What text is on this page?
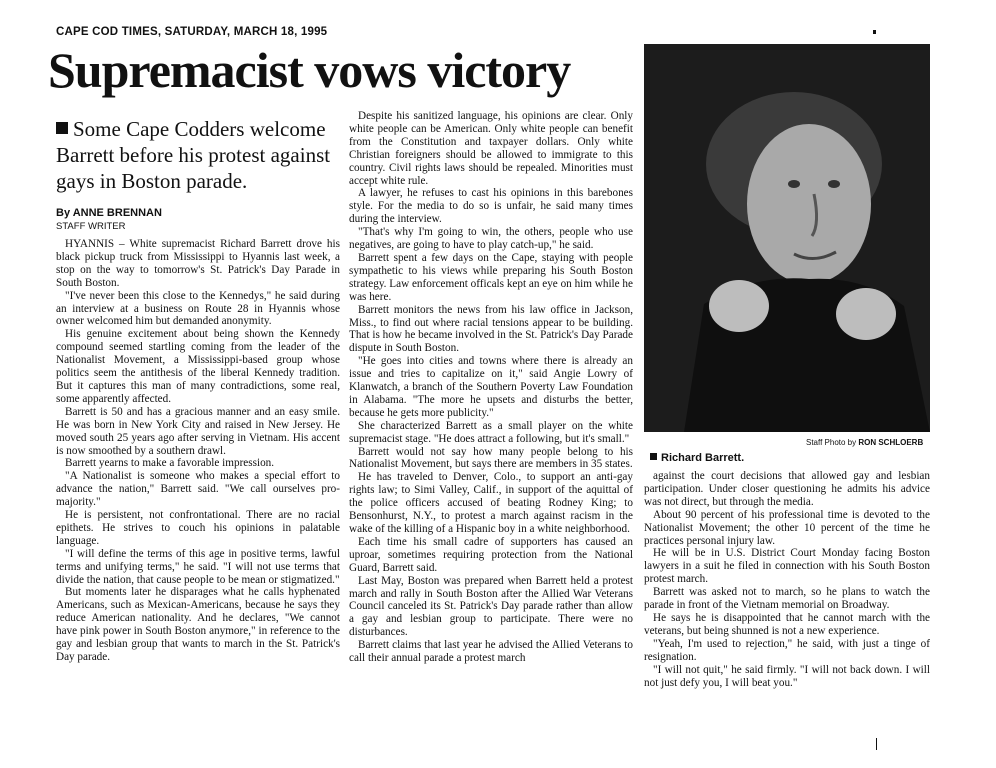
CAPE COD TIMES, SATURDAY, MARCH 18, 1995
Supremacist vows victory
Some Cape Codders welcome Barrett before his protest against gays in Boston parade.
By ANNE BRENNAN
STAFF WRITER

HYANNIS – White supremacist Richard Barrett drove his black pickup truck from Mississippi to Hyannis last week, a stop on the way to tomorrow's St. Patrick's Day Parade in South Boston.

"I've never been this close to the Kennedys," he said during an interview at a business on Route 28 in Hyannis whose owner welcomed him but demanded anonymity.

His genuine excitement about being shown the Kennedy compound seemed startling coming from the leader of the Nationalist Movement, a Mississippi-based group whose politics seem the antithesis of the liberal Kennedy tradition. But it captures this man of many contradictions, some real, some apparently affected.

Barrett is 50 and has a gracious manner and an easy smile. He was born in New York City and raised in New Jersey. He moved south 25 years ago after serving in Vietnam. His accent is now smoothed by a southern drawl.

Barrett yearns to make a favorable impression.

"A Nationalist is someone who makes a special effort to advance the nation," Barrett said. "We call ourselves pro-majority."

He is persistent, not confrontational. There are no racial epithets. He strives to couch his opinions in palatable language.

"I will define the terms of this age in positive terms, lawful terms and unifying terms," he said. "I will not use terms that divide the nation, that cause people to be mean or stigmatized."

But moments later he disparages what he calls hyphenated Americans, such as Mexican-Americans, because he says they reduce American nationality. And he declares, "We cannot have pink power in South Boston anymore," in reference to the gay and lesbian group that wants to march in the St. Patrick's Day parade.

Despite his sanitized language, his opinions are clear. Only white people can be American. Only white people can benefit from the Constitution and taxpayer dollars. Only white Christian foreigners should be allowed to immigrate to this country. Civil rights laws should be repealed. Minorities must accept white rule.

A lawyer, he refuses to cast his opinions in this barebones style. For the media to do so is unfair, he said many times during the interview.

"That's why I'm going to win, the others, people who use negatives, are going to have to play catch-up," he said.

Barrett spent a few days on the Cape, staying with people sympathetic to his views while preparing his South Boston strategy. Law enforcement officals kept an eye on him while he was here.

Barrett monitors the news from his law office in Jackson, Miss., to find out where racial tensions appear to be building. That is how he became involved in the St. Patrick's Day Parade dispute in South Boston.

"He goes into cities and towns where there is already an issue and tries to capitalize on it," said Angie Lowry of Klanwatch, a branch of the Southern Poverty Law Foundation in Alabama. "The more he upsets and disturbs the better, because he gets more publicity."

She characterized Barrett as a small player on the white supremacist stage. "He does attract a following, but it's small."

Barrett would not say how many people belong to his Nationalist Movement, but says there are members in 35 states.

He has traveled to Denver, Colo., to support an anti-gay rights law; to Simi Valley, Calif., in support of the aquittal of the police officers accused of beating Rodney King; to Bensonhurst, N.Y., to protest a march against racism in the wake of the killing of a Hispanic boy in a white neighborhood.

Each time his small cadre of supporters has caused an uproar, sometimes requiring protection from the National Guard, Barrett said.

Last May, Boston was prepared when Barrett held a protest march and rally in South Boston after the Allied War Veterans Council canceled its St. Patrick's Day parade rather than allow a gay and lesbian group to participate. There were no disturbances.

Barrett claims that last year he advised the Allied Veterans to call their annual parade a protest march

Staff Photo by RON SCHLOERB
Richard Barrett.

against the court decisions that allowed gay and lesbian participation. Under closer questioning he admits his advice was not direct, but through the media.

About 90 percent of his professional time is devoted to the Nationalist Movement; the other 10 percent of the time he practices personal injury law.

He will be in U.S. District Court Monday facing Boston lawyers in a suit he filed in connection with his South Boston protest march.

Barrett was asked not to march, so he plans to watch the parade in front of the Vietnam memorial on Broadway.

He says he is disappointed that he cannot march with the veterans, but being shunned is not a new experience.

"Yeah, I'm used to rejection," he said, with just a tinge of resignation.

"I will not quit," he said firmly. "I will not back down. I will not just defy you, I will beat you."
